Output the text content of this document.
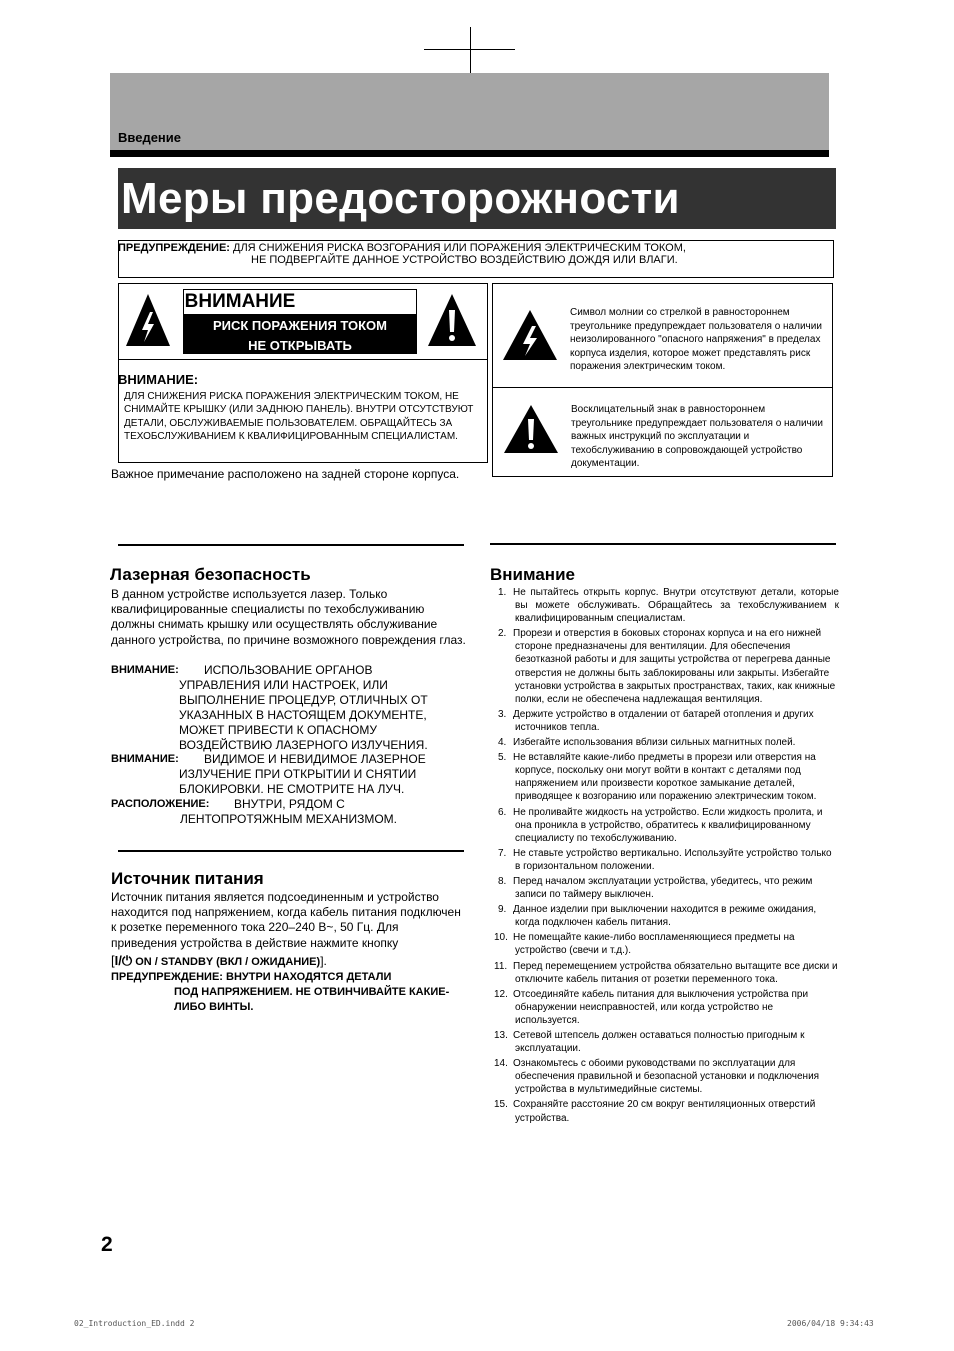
Введение
Меры предосторожности
ПРЕДУПРЕЖДЕНИЕ: ДЛЯ СНИЖЕНИЯ РИСКА ВОЗГОРАНИЯ ИЛИ ПОРАЖЕНИЯ ЭЛЕКТРИЧЕСКИМ ТОКОМ,
НЕ ПОДВЕРГАЙТЕ ДАННОЕ УСТРОЙСТВО ВОЗДЕЙСТВИЮ ДОЖДЯ ИЛИ ВЛАГИ.
ВНИМАНИЕ
РИСК ПОРАЖЕНИЯ ТОКОМ
НЕ ОТКРЫВАТЬ
ВНИМАНИЕ:
ДЛЯ СНИЖЕНИЯ РИСКА ПОРАЖЕНИЯ ЭЛЕКТРИЧЕСКИМ ТОКОМ, НЕ СНИМАЙТЕ КРЫШКУ (ИЛИ ЗАДНЮЮ ПАНЕЛЬ). ВНУТРИ ОТСУТСТВУЮТ ДЕТАЛИ, ОБСЛУЖИВАЕМЫЕ ПОЛЬЗОВАТЕЛЕМ. ОБРАЩАЙТЕСЬ ЗА ТЕХОБСЛУЖИВАНИЕМ К КВАЛИФИЦИРОВАННЫМ СПЕЦИАЛИСТАМ.
Важное примечание расположено на задней стороне корпуса.
Символ молнии со стрелкой в равностороннем треугольнике предупреждает пользователя о наличии неизолированного "опасного напряжения" в пределах корпуса изделия, которое может представлять риск поражения электрическим током.
Восклицательный знак в равностороннем треугольнике предупреждает пользователя о наличии важных инструкций по эксплуатации и техобслуживанию в сопровождающей устройство документации.
Лазерная безопасность
В данном устройстве используется лазер. Только квалифицированные специалисты по техобслуживанию должны снимать крышку или осуществлять обслуживание данного устройства, по причине возможного повреждения глаз.
ВНИМАНИЕ: ИСПОЛЬЗОВАНИЕ ОРГАНОВ
УПРАВЛЕНИЯ ИЛИ НАСТРОЕК, ИЛИ ВЫПОЛНЕНИЕ ПРОЦЕДУР, ОТЛИЧНЫХ ОТ УКАЗАННЫХ В НАСТОЯЩЕМ ДОКУМЕНТЕ, МОЖЕТ ПРИВЕСТИ К ОПАСНОМУ ВОЗДЕЙСТВИЮ ЛАЗЕРНОГО ИЗЛУЧЕНИЯ.
ВНИМАНИЕ: ВИДИМОЕ И НЕВИДИМОЕ ЛАЗЕРНОЕ
ИЗЛУЧЕНИЕ ПРИ ОТКРЫТИИ И СНЯТИИ БЛОКИРОВКИ. НЕ СМОТРИТЕ НА ЛУЧ.
РАСПОЛОЖЕНИЕ: ВНУТРИ, РЯДОМ С
ЛЕНТОПРОТЯЖНЫМ МЕХАНИЗМОМ.
Источник питания
Источник питания является подсоединенным и устройство находится под напряжением, когда кабель питания подключен к розетке переменного тока 220–240 В~, 50 Гц. Для приведения устройства в действие нажмите кнопку
[I/⏻ ON / STANDBY (ВКЛ / ОЖИДАНИЕ)].
ПРЕДУПРЕЖДЕНИЕ: ВНУТРИ НАХОДЯТСЯ ДЕТАЛИ
ПОД НАПРЯЖЕНИЕМ. НЕ ОТВИНЧИВАЙТЕ КАКИЕ-ЛИБО ВИНТЫ.
Внимание
1. Не пытайтесь открыть корпус. Внутри отсутствуют детали, которые вы можете обслуживать. Обращайтесь за техобслуживанием к квалифицированным специалистам.
2. Прорези и отверстия в боковых сторонах корпуса и на его нижней стороне предназначены для вентиляции. Для обеспечения безотказной работы и для защиты устройства от перегрева данные отверстия не должны быть заблокированы или закрыты. Избегайте установки устройства в закрытых пространствах, таких, как книжные полки, если не обеспечена надлежащая вентиляция.
3. Держите устройство в отдалении от батарей отопления и других источников тепла.
4. Избегайте использования вблизи сильных магнитных полей.
5. Не вставляйте какие-либо предметы в прорези или отверстия на корпусе, поскольку они могут войти в контакт с деталями под напряжением или произвести короткое замыкание деталей, приводящее к возгоранию или поражению электрическим током.
6. Не проливайте жидкость на устройство. Если жидкость пролита, и она проникла в устройство, обратитесь к квалифицированному специалисту по техобслуживанию.
7. Не ставьте устройство вертикально. Используйте устройство только в горизонтальном положении.
8. Перед началом эксплуатации устройства, убедитесь, что режим записи по таймеру выключен.
9. Данное изделии при выключении находится в режиме ожидания, когда подключен кабель питания.
10. Не помещайте какие-либо воспламеняющиеся предметы на устройство (свечи и т.д.).
11. Перед перемещением устройства обязательно вытащите все диски и отключите кабель питания от розетки переменного тока.
12. Отсоединяйте кабель питания для выключения устройства при обнаружении неисправностей, или когда устройство не используется.
13. Сетевой штепсель должен оставаться полностью пригодным к эксплуатации.
14. Ознакомьтесь с обоими руководствами по эксплуатации для обеспечения правильной и безопасной установки и подключения устройства в мультимедийные системы.
15. Сохраняйте расстояние 20 см вокруг вентиляционных отверстий устройства.
2
02_Introduction_ED.indd 2	2006/04/18 9:34:43
